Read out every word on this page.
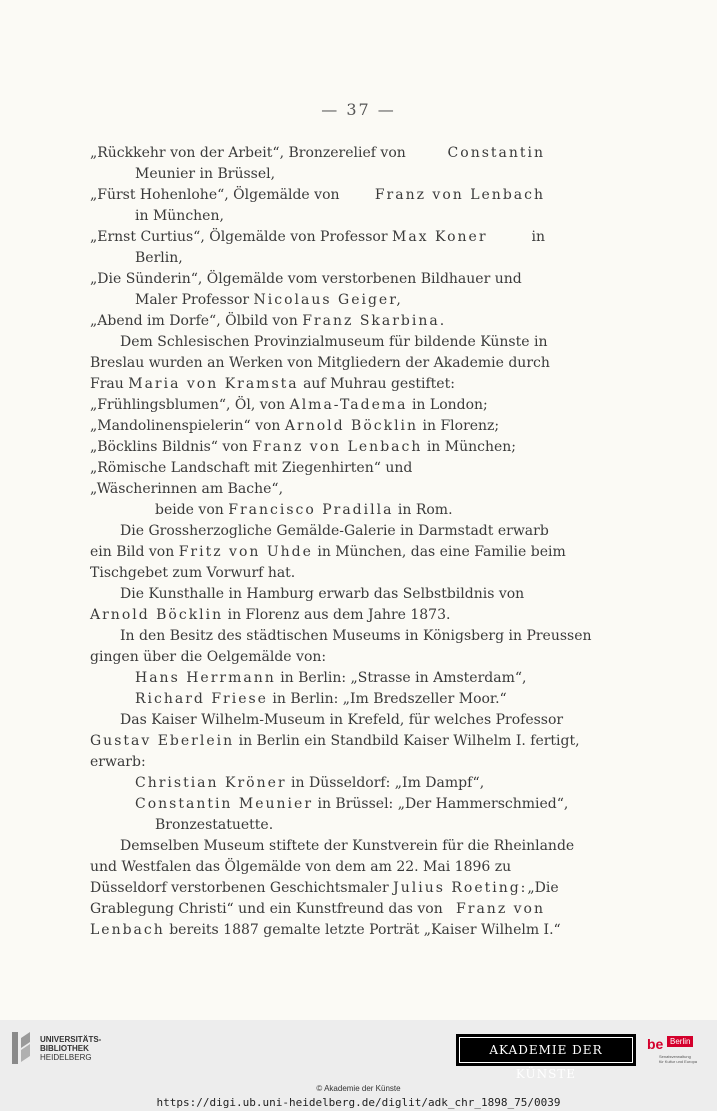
— 37 —
„Rückkehr von der Arbeit“, Bronzerelief von	Constantin
Meunier in Brüssel,
„Fürst Hohenlohe“, Ölgemälde von	Franz von Lenbach
in München,
„Ernst Curtius“, Ölgemälde von Professor Max Koner	in
Berlin,
„Die Sünderin“, Ölgemälde vom verstorbenen Bildhauer und
Maler Professor Nicolaus Geiger,
„Abend im Dorfe“, Ölbild von Franz Skarbina.
Dem Schlesischen Provinzialmuseum für bildende Künste in
Breslau wurden an Werken von Mitgliedern der Akademie durch
Frau Maria von Kramsta auf Muhrau gestiftet:
„Frühlingsblumen“, Öl, von Alma-Tadema in London;
„Mandolinenspielerin“ von Arnold Böcklin in Florenz;
„Böcklins Bildnis“ von Franz von Lenbach in München;
„Römische Landschaft mit Ziegenhirten“ und
„Wäscherinnen am Bache“,
beide von Francisco Pradilla in Rom.
Die Grossherzogliche Gemälde-Galerie in Darmstadt erwarb
ein Bild von Fritz von Uhde in München, das eine Familie beim
Tischgebet zum Vorwurf hat.
Die Kunsthalle in Hamburg erwarb das Selbstbildnis von
Arnold Böcklin in Florenz aus dem Jahre 1873.
In den Besitz des städtischen Museums in Königsberg in Preussen
gingen über die Oelgemälde von:
Hans Herrmann in Berlin: „Strasse in Amsterdam“,
Richard Friese in Berlin: „Im Bredszeller Moor.“
Das Kaiser Wilhelm-Museum in Krefeld, für welches Professor
Gustav Eberlein in Berlin ein Standbild Kaiser Wilhelm I. fertigt,
erwarb:
Christian Kröner in Düsseldorf: „Im Dampf“,
Constantin Meunier in Brüssel: „Der Hammerschmied“,
Bronzestatuette.
Demselben Museum stiftete der Kunstverein für die Rheinlande
und Westfalen das Ölgemälde von dem am 22. Mai 1896 zu
Düsseldorf verstorbenen Geschichtsmaler Julius Roeting: „Die
Grablegung Christi“ und ein Kunstfreund das von Franz von
Lenbach bereits 1887 gemalte letzte Porträt „Kaiser Wilhelm I.“
UNIVERSITÄTS-
BIBLIOTHEK
HEIDELBERG
AKADEMIE DER KÜNSTE
be Berlin
Senatsverwaltung
für Kultur und Europa
© Akademie der Künste
https://digi.ub.uni-heidelberg.de/diglit/adk_chr_1898_75/0039
